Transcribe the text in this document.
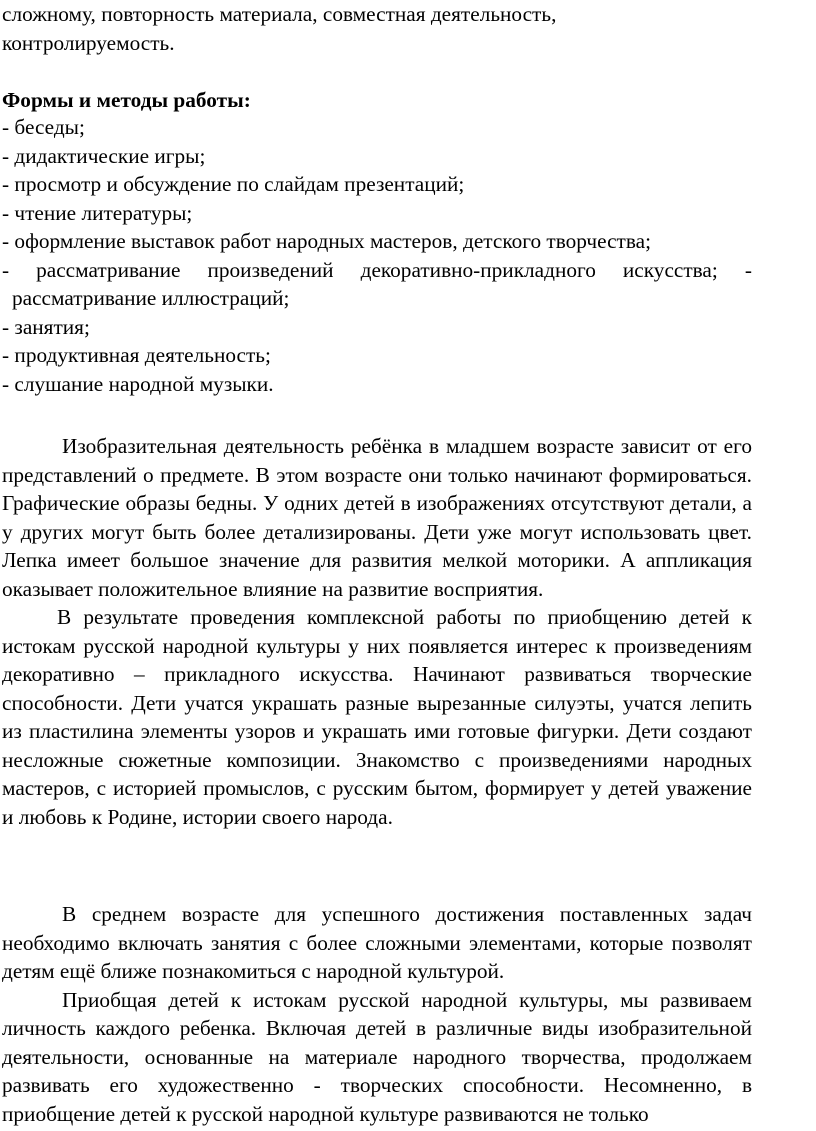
сложному, повторность материала, совместная деятельность,
контролируемость.
Формы и методы работы:
- беседы;
- дидактические игры;
- просмотр и обсуждение по слайдам презентаций;
- чтение литературы;
- оформление выставок работ народных мастеров, детского творчества;
- рассматривание произведений декоративно-прикладного искусства; -
рассматривание иллюстраций;
- занятия;
- продуктивная деятельность;
- слушание народной музыки.

Изобразительная деятельность ребёнка в младшем возрасте зависит от его представлений о предмете. В этом возрасте они только начинают формироваться. Графические образы бедны. У одних детей в изображениях отсутствуют детали, а у других могут быть более детализированы. Дети уже могут использовать цвет. Лепка имеет большое значение для развития мелкой моторики. А аппликация оказывает положительное влияние на развитие восприятия.

В результате проведения комплексной работы по приобщению детей к истокам русской народной культуры у них появляется интерес к произведениям декоративно – прикладного искусства. Начинают развиваться творческие способности. Дети учатся украшать разные вырезанные силуэты, учатся лепить из пластилина элементы узоров и украшать ими готовые фигурки. Дети создают несложные сюжетные композиции. Знакомство с произведениями народных мастеров, с историей промыслов, с русским бытом, формирует у детей уважение и любовь к Родине, истории своего народа.

В среднем возрасте для успешного достижения поставленных задач необходимо включать занятия с более сложными элементами, которые позволят детям ещё ближе познакомиться с народной культурой.

Приобщая детей к истокам русской народной культуры, мы развиваем личность каждого ребенка. Включая детей в различные виды изобразительной деятельности, основанные на материале народного творчества, продолжаем развивать его художественно - творческих способности. Несомненно, в приобщение детей к русской народной культуре развиваются не только
